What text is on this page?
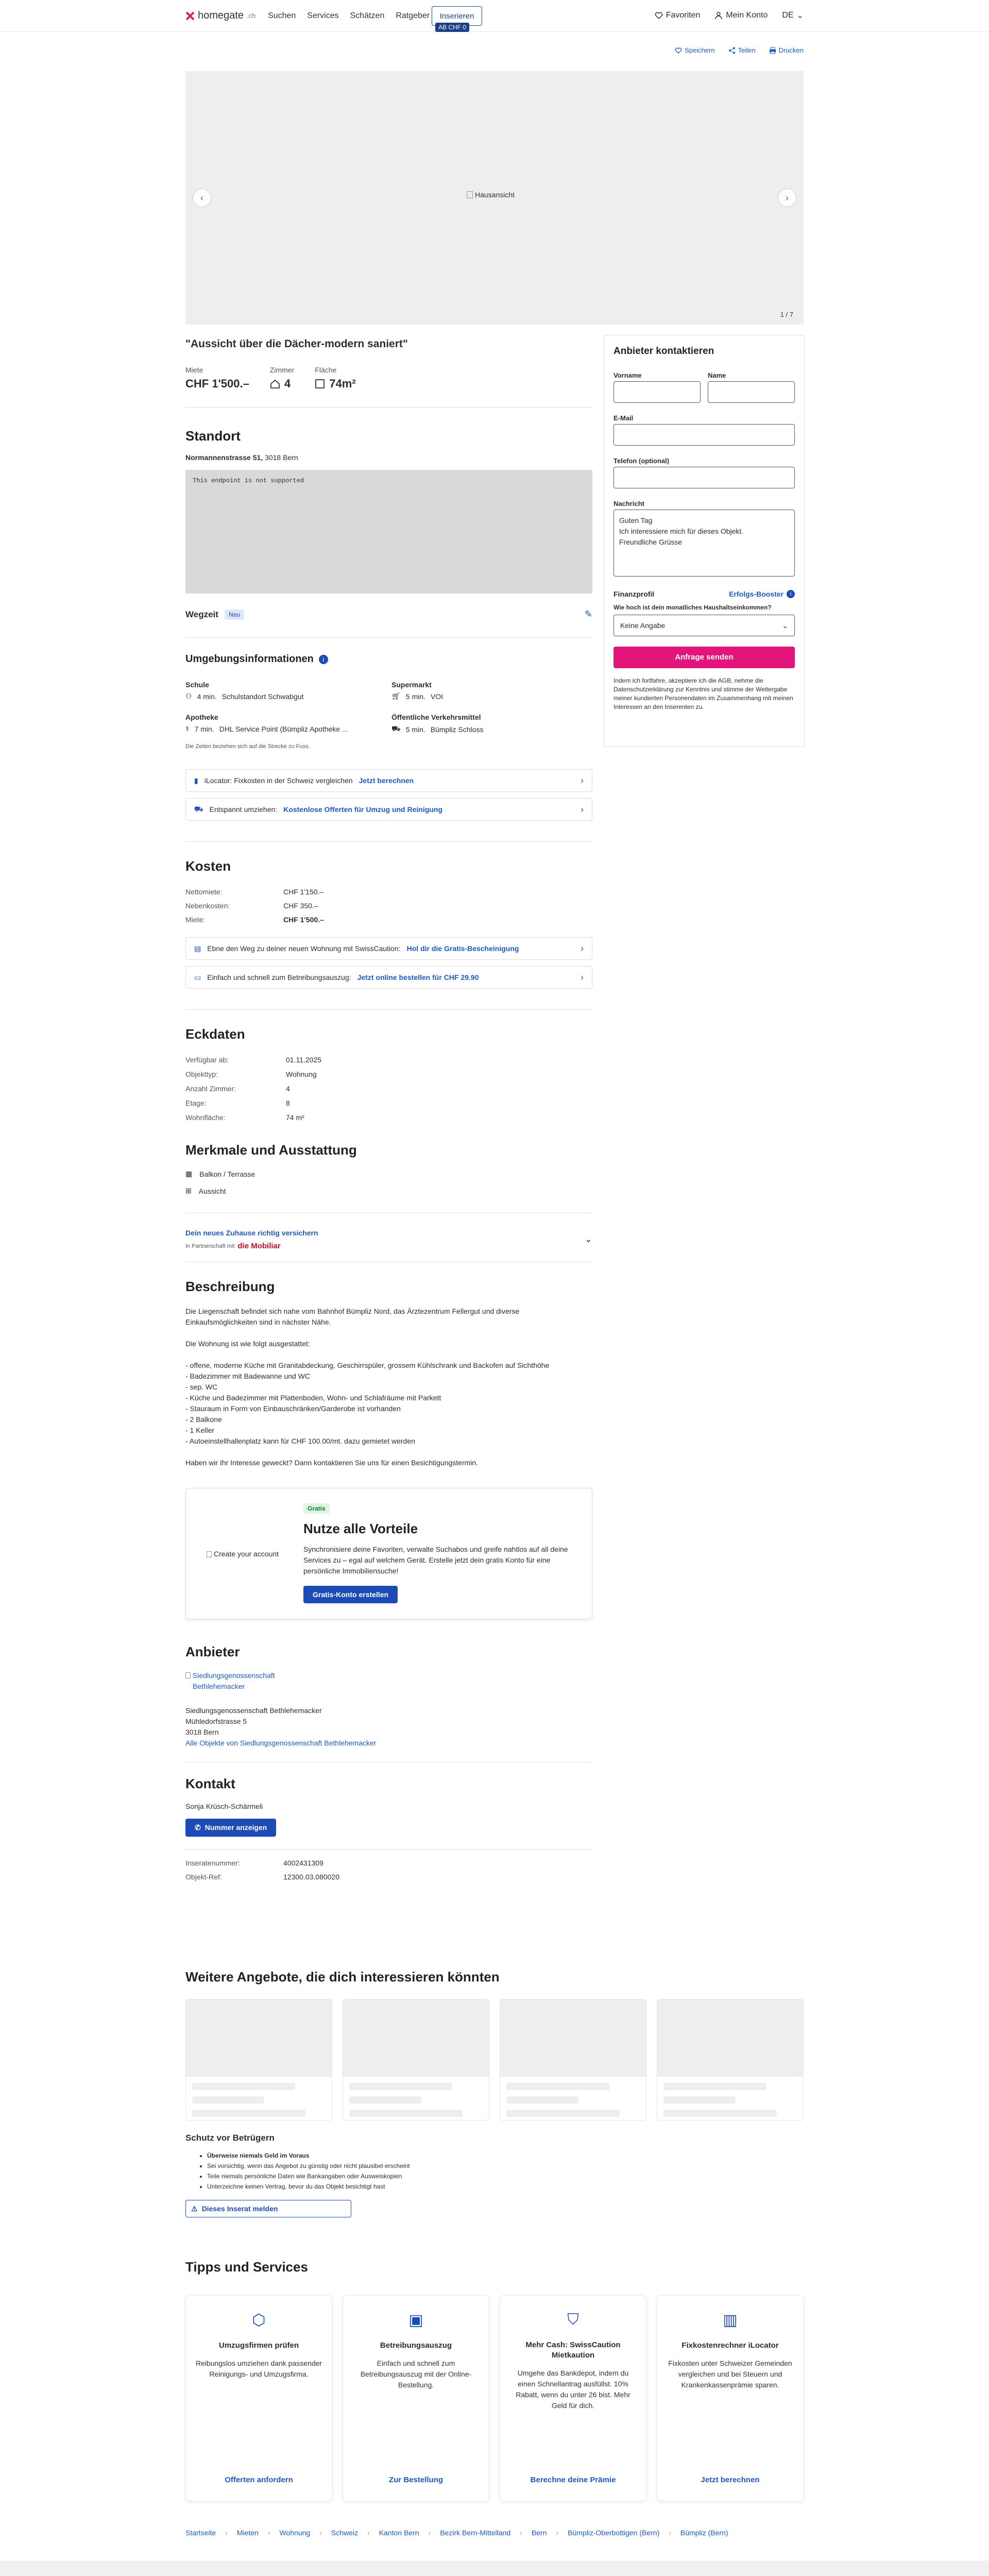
homegate .ch Suchen Services Schätzen Ratgeber	Inserieren
AB CHF 0
Favoriten	Mein Konto DE ⌄
Speichern	Teilen	Drucken
‹	›
Hausansicht
1 / 7
Anbieter kontaktieren
Vorname	Name
E-Mail
Telefon (optional)
Nachricht
Guten Tag
Ich interessiere mich für dieses Objekt.
Freundliche Grüsse
Finanzprofil	Erfolgs-Booster	i
Wie hoch ist dein monatliches Haushaltseinkommen?
Keine Angabe	⌄
Anfrage senden
Indem ich fortfahre, akzeptiere ich die AGB, nehme die Datenschutzerklärung zur Kenntnis und stimme der Weitergabe meiner kundierten Personendaten im Zusammenhang mit meinen Interessen an den Inserenten zu.
"Aussicht über die Dächer-modern saniert"
Miete
CHF 1'500.–
Zimmer
4
Fläche
74m²
Standort
Normannenstrasse 51, 3018 Bern
This endpoint is not supported
Wegzeit	Neu	✎
Umgebungsinformationen	i
Schule
⚇ 4 min. Schulstandort Schwabgut
Supermarkt
🛒︎ 5 min. VOI
Apotheke
⚕ 7 min. DHL Service Point (Bümpliz Apotheke ...
Öffentliche Verkehrsmittel
⛟ 5 min. Bümpliz Schloss
Die Zeiten beziehen sich auf die Strecke zu Fuss.
▮ iLocator: Fixkosten in der Schweiz vergleichen Jetzt berechnen	›
⛟ Entspannt umziehen: Kostenlose Offerten für Umzug und Reinigung	›
Kosten
Nettomiete:	CHF 1'150.–
Nebenkosten:	CHF 350.–
Miete:	CHF 1'500.–
▤ Ebne den Weg zu deiner neuen Wohnung mit SwissCaution: Hol dir die Gratis-Bescheinigung	›
▭ Einfach und schnell zum Betreibungsauszug: Jetzt online bestellen für CHF 29.90	›
Eckdaten
Verfügbar ab:	01.11.2025
Objekttyp:	Wohnung
Anzahl Zimmer:	4
Etage:	8
Wohnfläche:	74 m²
Merkmale und Ausstattung
▦ Balkon / Terrasse
⊞ Aussicht
Dein neues Zuhause richtig versichern
In Partnerschaft mit die Mobiliar
⌄
Beschreibung

Die Liegenschaft befindet sich nahe vom Bahnhof Bümpliz Nord, das Ärztezentrum Fellergut und diverse Einkaufsmöglichkeiten sind in nächster Nähe.

Die Wohnung ist wie folgt ausgestattet:

- offene, moderne Küche mit Granitabdeckung, Geschirrspüler, grossem Kühlschrank und Backofen auf Sichthöhe

- Badezimmer mit Badewanne und WC

- sep. WC

- Küche und Badezimmer mit Plattenboden, Wohn- und Schlafräume mit Parkett

- Stauraum in Form von Einbauschränken/Garderobe ist vorhanden

- 2 Balkone

- 1 Keller

- Autoeinstellhallenplatz kann für CHF 100.00/mt. dazu gemietet werden

Haben wir Ihr Interesse geweckt? Dann kontaktieren Sie uns für einen Besichtigungstermin.

Create your account
Gratis
Nutze alle Vorteile
Synchronisiere deine Favoriten, verwalte Suchabos und greife nahtlos auf all deine Services zu – egal auf welchem Gerät. Erstelle jetzt dein gratis Konto für eine persönliche Immobiliensuche!
Gratis-Konto erstellen
Anbieter
Siedlungsgenossenschaft Bethlehemacker
Siedlungsgenossenschaft Bethlehemacker
Mühledorfstrasse 5
3018 Bern
Alle Objekte von Siedlungsgenossenschaft Bethlehemacker
Kontakt
Sonja Krüsch-Schärmeli
✆ Nummer anzeigen
Inseratenummer:	4002431309
Objekt-Ref:	12300.03.080020
Weitere Angebote, die dich interessieren könnten
Schutz vor Betrügern
• Überweise niemals Geld im Voraus
• Sei vorsichtig, wenn das Angebot zu günstig oder nicht plausibel erscheint
• Teile niemals persönliche Daten wie Bankangaben oder Ausweiskopien
• Unterzeichne keinen Vertrag, bevor du das Objekt besichtigt hast
⚠ Dieses Inserat melden
Tipps und Services
⬡
Umzugsfirmen prüfen
Reibungslos umziehen dank passender Reinigungs- und Umzugsfirma.
Offerten anfordern
▣
Betreibungsauszug
Einfach und schnell zum Betreibungsauszug mit der Online-Bestellung.
Zur Bestellung
⛉
Mehr Cash: SwissCaution Mietkaution
Umgehe das Bankdepot, indem du einen Schnellantrag ausfüllst. 10% Rabatt, wenn du unter 26 bist. Mehr Geld für dich.
Berechne deine Prämie
▥
Fixkostenrechner iLocator
Fixkosten unter Schweizer Gemeinden vergleichen und bei Steuern und Krankenkassenprämie sparen.
Jetzt berechnen
Startseite › Mieten › Wohnung › Schweiz › Kanton Bern › Bezirk Bern-Mittelland › Bern › Bümpliz-Oberbottigen (Bern) › Bümpliz (Bern)
